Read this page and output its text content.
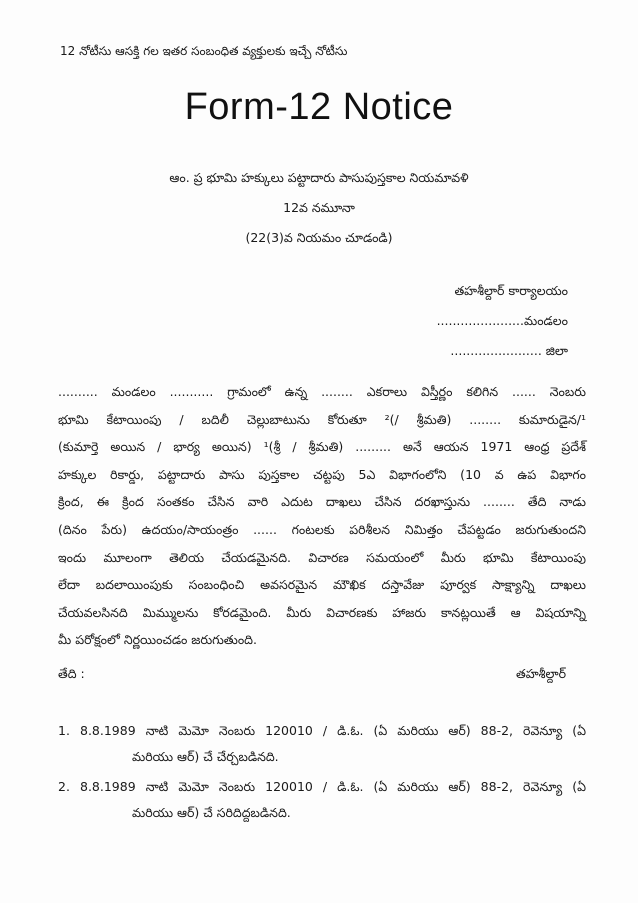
12 నోటీసు ఆసక్తి గల ఇతర సంబంధిత వ్యక్తులకు ఇచ్చే నోటీసు
Form-12 Notice
ఆం. ప్ర భూమి హక్కులు పట్టాదారు పాసుపుస్తకాల నియమావళి
12వ నమూనా
(22(3)వ నియమం చూడండి)
తహశీల్దార్ కార్యాలయం
......................మండలం
....................... జిలా
.......... మండలం ........... గ్రామంలో ఉన్న ........ ఎకరాలు విస్తీర్ణం కలిగిన ...... నెంబరు
భూమి కేటాయింపు / బదిలీ చెల్లుబాటును కోరుతూ ²(/ శ్రీమతి) ........ కుమారుడైన/¹
(కుమార్తె అయిన / భార్య అయిన) ¹(శ్రీ / శ్రీమతి) ......... అనే ఆయన 1971 ఆంధ్ర ప్రదేశ్
హక్కుల రికార్డు, పట్టాదారు పాసు పుస్తకాల చట్టపు 5ఎ విభాగంలోని (10 వ ఉప విభాగం
క్రింద, ఈ క్రింద సంతకం చేసిన వారి ఎదుట దాఖలు చేసిన దరఖాస్తును ........ తేది నాడు
(దినం పేరు) ఉదయం/సాయంత్రం ...... గంటలకు పరిశీలన నిమిత్తం చేపట్టడం జరుగుతుందని
ఇందు మూలంగా తెలియ చేయడమైనది. విచారణ సమయంలో మీరు భూమి కేటాయింపు
లేదా బదలాయింపుకు సంబంధించి అవసరమైన మౌఖిక దస్తావేజు పూర్వక సాక్ష్యాన్ని దాఖలు
చేయవలసినది మిమ్ములను కోరడమైంది. మీరు విచారణకు హాజరు కానట్లయితే ఆ విషయాన్ని
మీ పరోక్షంలో నిర్ణయించడం జరుగుతుంది.
తేది :	తహశీల్దార్
1. 8.8.1989 నాటి మెమో నెంబరు 120010 / డి.ఓ. (ఏ మరియు ఆర్) 88-2, రెవెన్యూ (ఏ
మరియు ఆర్) చే చేర్చబడినది.
2. 8.8.1989 నాటి మెమో నెంబరు 120010 / డి.ఓ. (ఏ మరియు ఆర్) 88-2, రెవెన్యూ (ఏ
మరియు ఆర్) చే సరిదిద్దబడినది.
